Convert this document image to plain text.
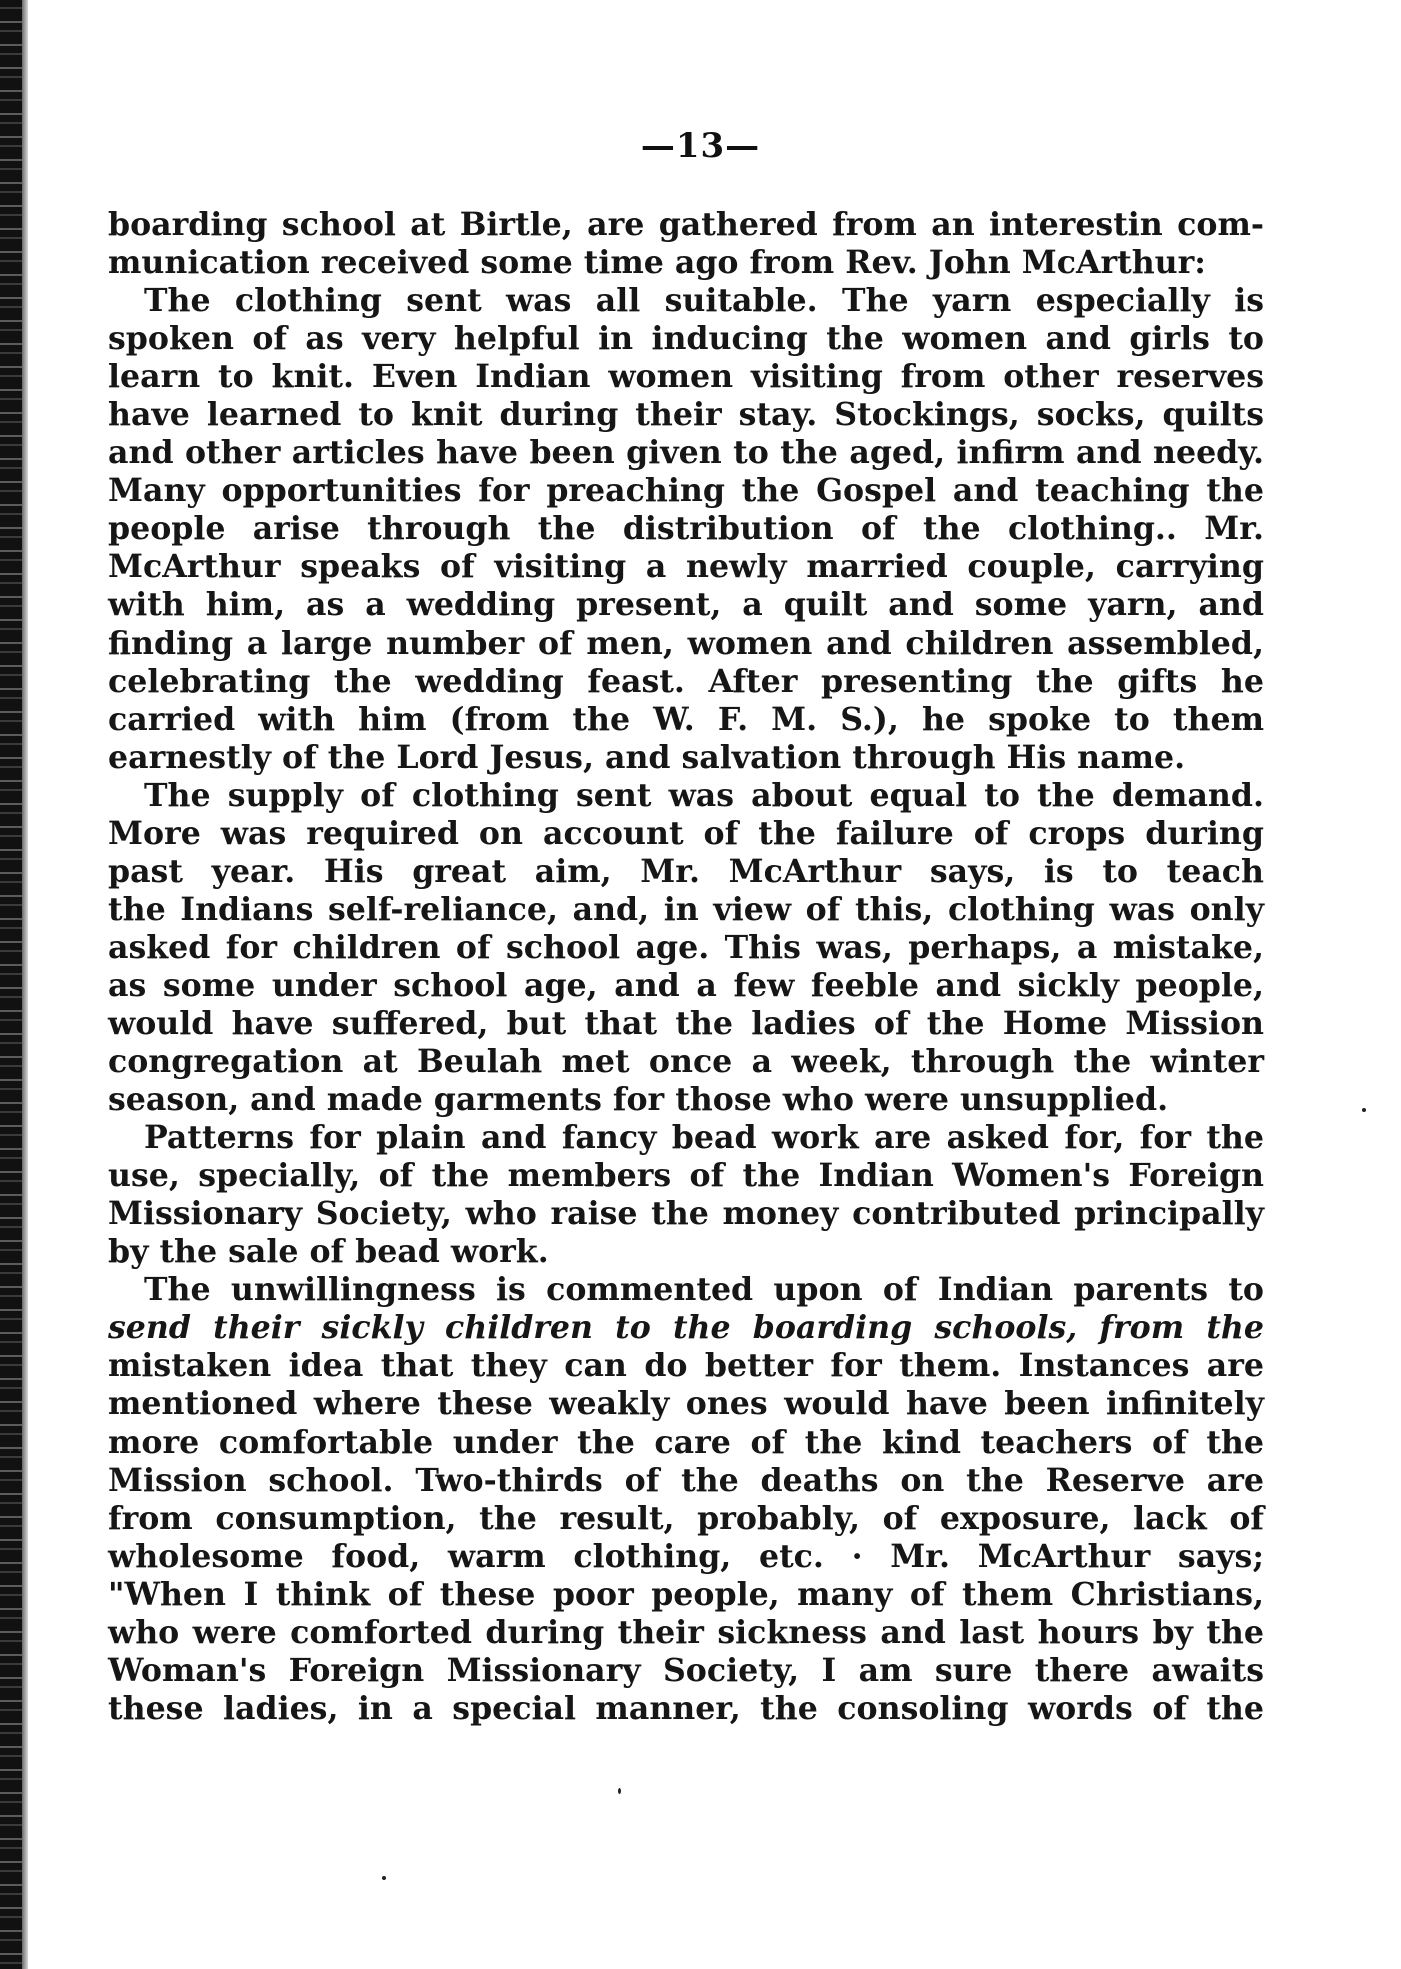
—13—
boarding school at Birtle, are gathered from an interestin com-
munication received some time ago from Rev. John McArthur:
The clothing sent was all suitable. The yarn especially is
spoken of as very helpful in inducing the women and girls to
learn to knit. Even Indian women visiting from other reserves
have learned to knit during their stay. Stockings, socks, quilts
and other articles have been given to the aged, infirm and needy.
Many opportunities for preaching the Gospel and teaching the
people arise through the distribution of the clothing.. Mr.
McArthur speaks of visiting a newly married couple, carrying
with him, as a wedding present, a quilt and some yarn, and
finding a large number of men, women and children assembled,
celebrating the wedding feast. After presenting the gifts he
carried with him (from the W. F. M. S.), he spoke to them
earnestly of the Lord Jesus, and salvation through His name.
The supply of clothing sent was about equal to the demand.
More was required on account of the failure of crops during
past year. His great aim, Mr. McArthur says, is to teach
the Indians self-reliance, and, in view of this, clothing was only
asked for children of school age. This was, perhaps, a mistake,
as some under school age, and a few feeble and sickly people,
would have suffered, but that the ladies of the Home Mission
congregation at Beulah met once a week, through the winter
season, and made garments for those who were unsupplied.
Patterns for plain and fancy bead work are asked for, for the
use, specially, of the members of the Indian Women's Foreign
Missionary Society, who raise the money contributed principally
by the sale of bead work.
The unwillingness is commented upon of Indian parents to
send their sickly children to the boarding schools, from the
mistaken idea that they can do better for them. Instances are
mentioned where these weakly ones would have been infinitely
more comfortable under the care of the kind teachers of the
Mission school. Two-thirds of the deaths on the Reserve are
from consumption, the result, probably, of exposure, lack of
wholesome food, warm clothing, etc. · Mr. McArthur says;
"When I think of these poor people, many of them Christians,
who were comforted during their sickness and last hours by the
Woman's Foreign Missionary Society, I am sure there awaits
these ladies, in a special manner, the consoling words of the
